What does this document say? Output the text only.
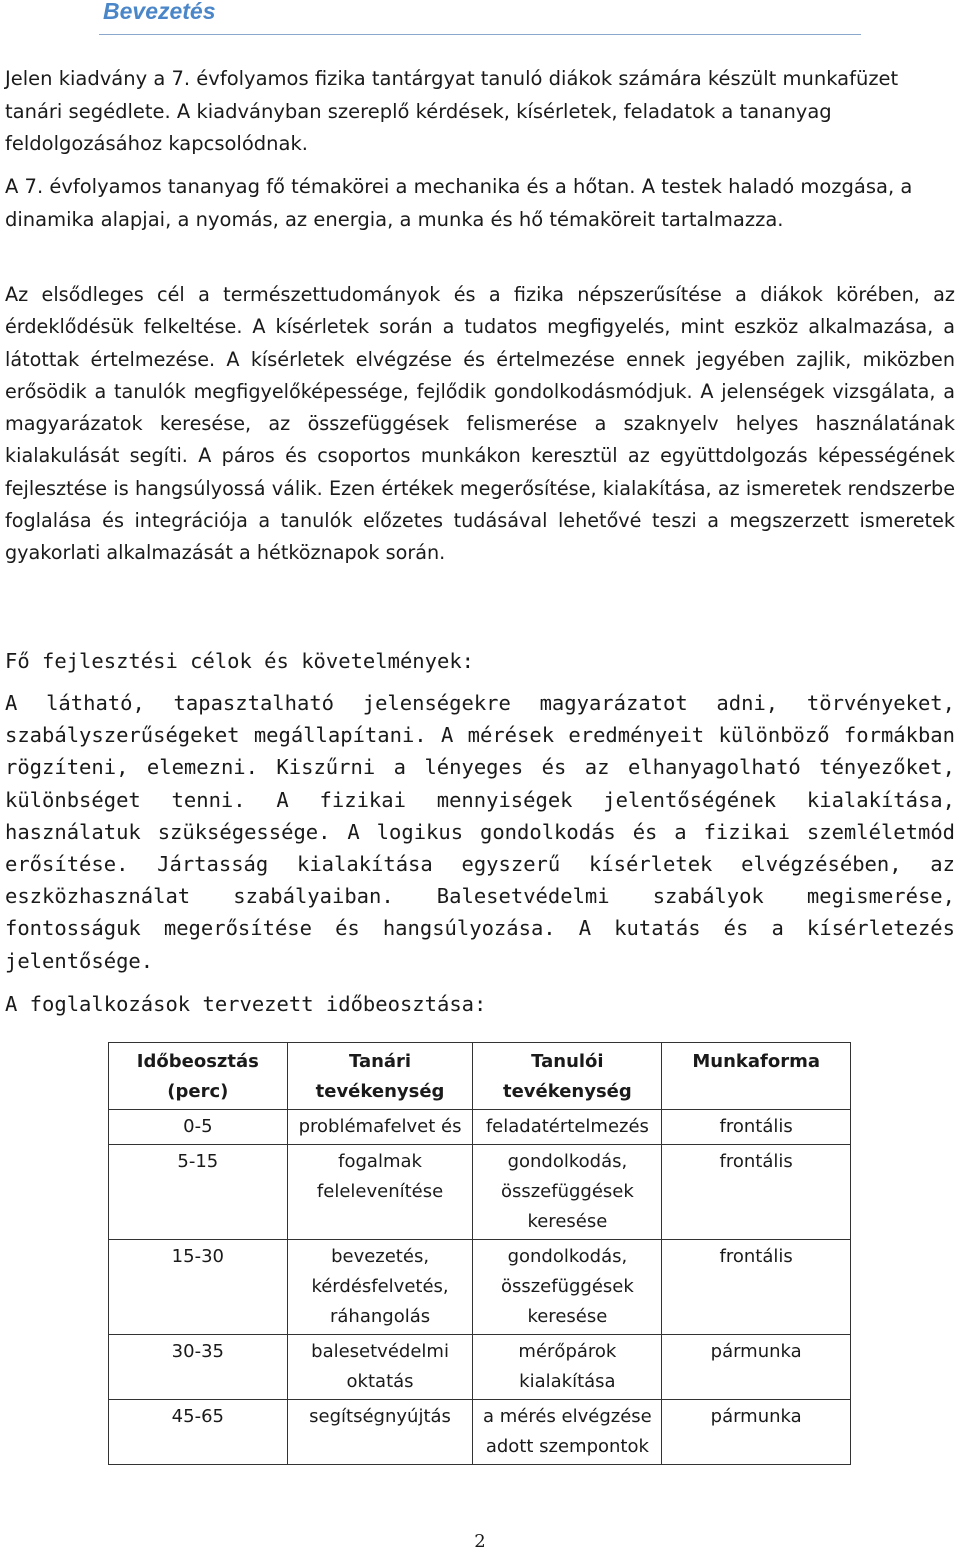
Bevezetés

Jelen kiadvány a 7. évfolyamos fizika tantárgyat tanuló diákok számára készült munkafüzet tanári segédlete. A kiadványban szereplő kérdések, kísérletek, feladatok a tananyag feldolgozásához kapcsolódnak.

A 7. évfolyamos tananyag fő témakörei a mechanika és a hőtan. A testek haladó mozgása, a dinamika alapjai, a nyomás, az energia, a munka és hő témaköreit tartalmazza.

Az elsődleges cél a természettudományok és a fizika népszerűsítése a diákok körében, az érdeklődésük felkeltése. A kísérletek során a tudatos megfigyelés, mint eszköz alkalmazása, a látottak értelmezése. A kísérletek elvégzése és értelmezése ennek jegyében zajlik, miközben erősödik a tanulók megfigyelőképessége, fejlődik gondolkodásmódjuk. A jelenségek vizsgálata, a magyarázatok keresése, az összefüggések felismerése a szaknyelv helyes használatának kialakulását segíti. A páros és csoportos munkákon keresztül az együttdolgozás képességének fejlesztése is hangsúlyossá válik. Ezen értékek megerősítése, kialakítása, az ismeretek rendszerbe foglalása és integrációja a tanulók előzetes tudásával lehetővé teszi a megszerzett ismeretek gyakorlati alkalmazását a hétköznapok során.

Fő fejlesztési célok és követelmények:

A látható, tapasztalható jelenségekre magyarázatot adni, törvényeket, szabályszerűségeket megállapítani. A mérések eredményeit különböző formákban rögzíteni, elemezni. Kiszűrni a lényeges és az elhanyagolható tényezőket, különbséget tenni. A fizikai mennyiségek jelentőségének kialakítása, használatuk szükségessége. A logikus gondolkodás és a fizikai szemléletmód erősítése. Jártasság kialakítása egyszerű kísérletek elvégzésében, az eszközhasználat szabályaiban. Balesetvédelmi szabályok megismerése, fontosságuk megerősítése és hangsúlyozása. A kutatás és a kísérletezés jelentősége.

A foglalkozások tervezett időbeosztása:

Időbeosztás (perc)	Tanári tevékenység	Tanulói tevékenység	Munkaforma
0-5	problémafelvet és	feladatértelmezés	frontális
5-15	fogalmak felelevenítése	gondolkodás, összefüggések keresése	frontális
15-30	bevezetés, kérdésfelvetés, ráhangolás	gondolkodás, összefüggések keresése	frontális
30-35	balesetvédelmi oktatás	mérőpárok kialakítása	pármunka
45-65	segítségnyújtás	a mérés elvégzése adott szempontok	pármunka
2
